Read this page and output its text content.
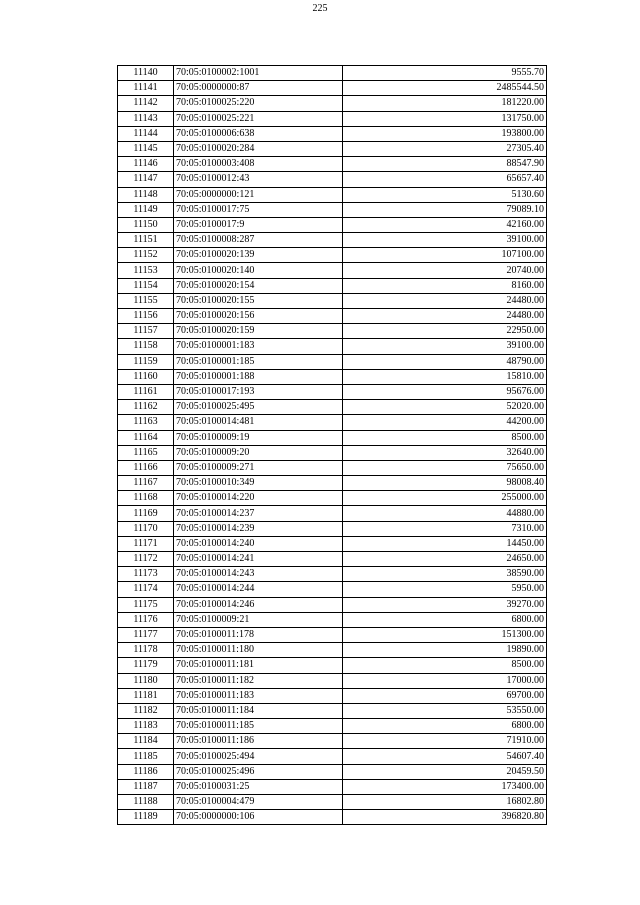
225
11140	70:05:0100002:1001	9555.70
11141	70:05:0000000:87	2485544.50
11142	70:05:0100025:220	181220.00
11143	70:05:0100025:221	131750.00
11144	70:05:0100006:638	193800.00
11145	70:05:0100020:284	27305.40
11146	70:05:0100003:408	88547.90
11147	70:05:0100012:43	65657.40
11148	70:05:0000000:121	5130.60
11149	70:05:0100017:75	79089.10
11150	70:05:0100017:9	42160.00
11151	70:05:0100008:287	39100.00
11152	70:05:0100020:139	107100.00
11153	70:05:0100020:140	20740.00
11154	70:05:0100020:154	8160.00
11155	70:05:0100020:155	24480.00
11156	70:05:0100020:156	24480.00
11157	70:05:0100020:159	22950.00
11158	70:05:0100001:183	39100.00
11159	70:05:0100001:185	48790.00
11160	70:05:0100001:188	15810.00
11161	70:05:0100017:193	95676.00
11162	70:05:0100025:495	52020.00
11163	70:05:0100014:481	44200.00
11164	70:05:0100009:19	8500.00
11165	70:05:0100009:20	32640.00
11166	70:05:0100009:271	75650.00
11167	70:05:0100010:349	98008.40
11168	70:05:0100014:220	255000.00
11169	70:05:0100014:237	44880.00
11170	70:05:0100014:239	7310.00
11171	70:05:0100014:240	14450.00
11172	70:05:0100014:241	24650.00
11173	70:05:0100014:243	38590.00
11174	70:05:0100014:244	5950.00
11175	70:05:0100014:246	39270.00
11176	70:05:0100009:21	6800.00
11177	70:05:0100011:178	151300.00
11178	70:05:0100011:180	19890.00
11179	70:05:0100011:181	8500.00
11180	70:05:0100011:182	17000.00
11181	70:05:0100011:183	69700.00
11182	70:05:0100011:184	53550.00
11183	70:05:0100011:185	6800.00
11184	70:05:0100011:186	71910.00
11185	70:05:0100025:494	54607.40
11186	70:05:0100025:496	20459.50
11187	70:05:0100031:25	173400.00
11188	70:05:0100004:479	16802.80
11189	70:05:0000000:106	396820.80
